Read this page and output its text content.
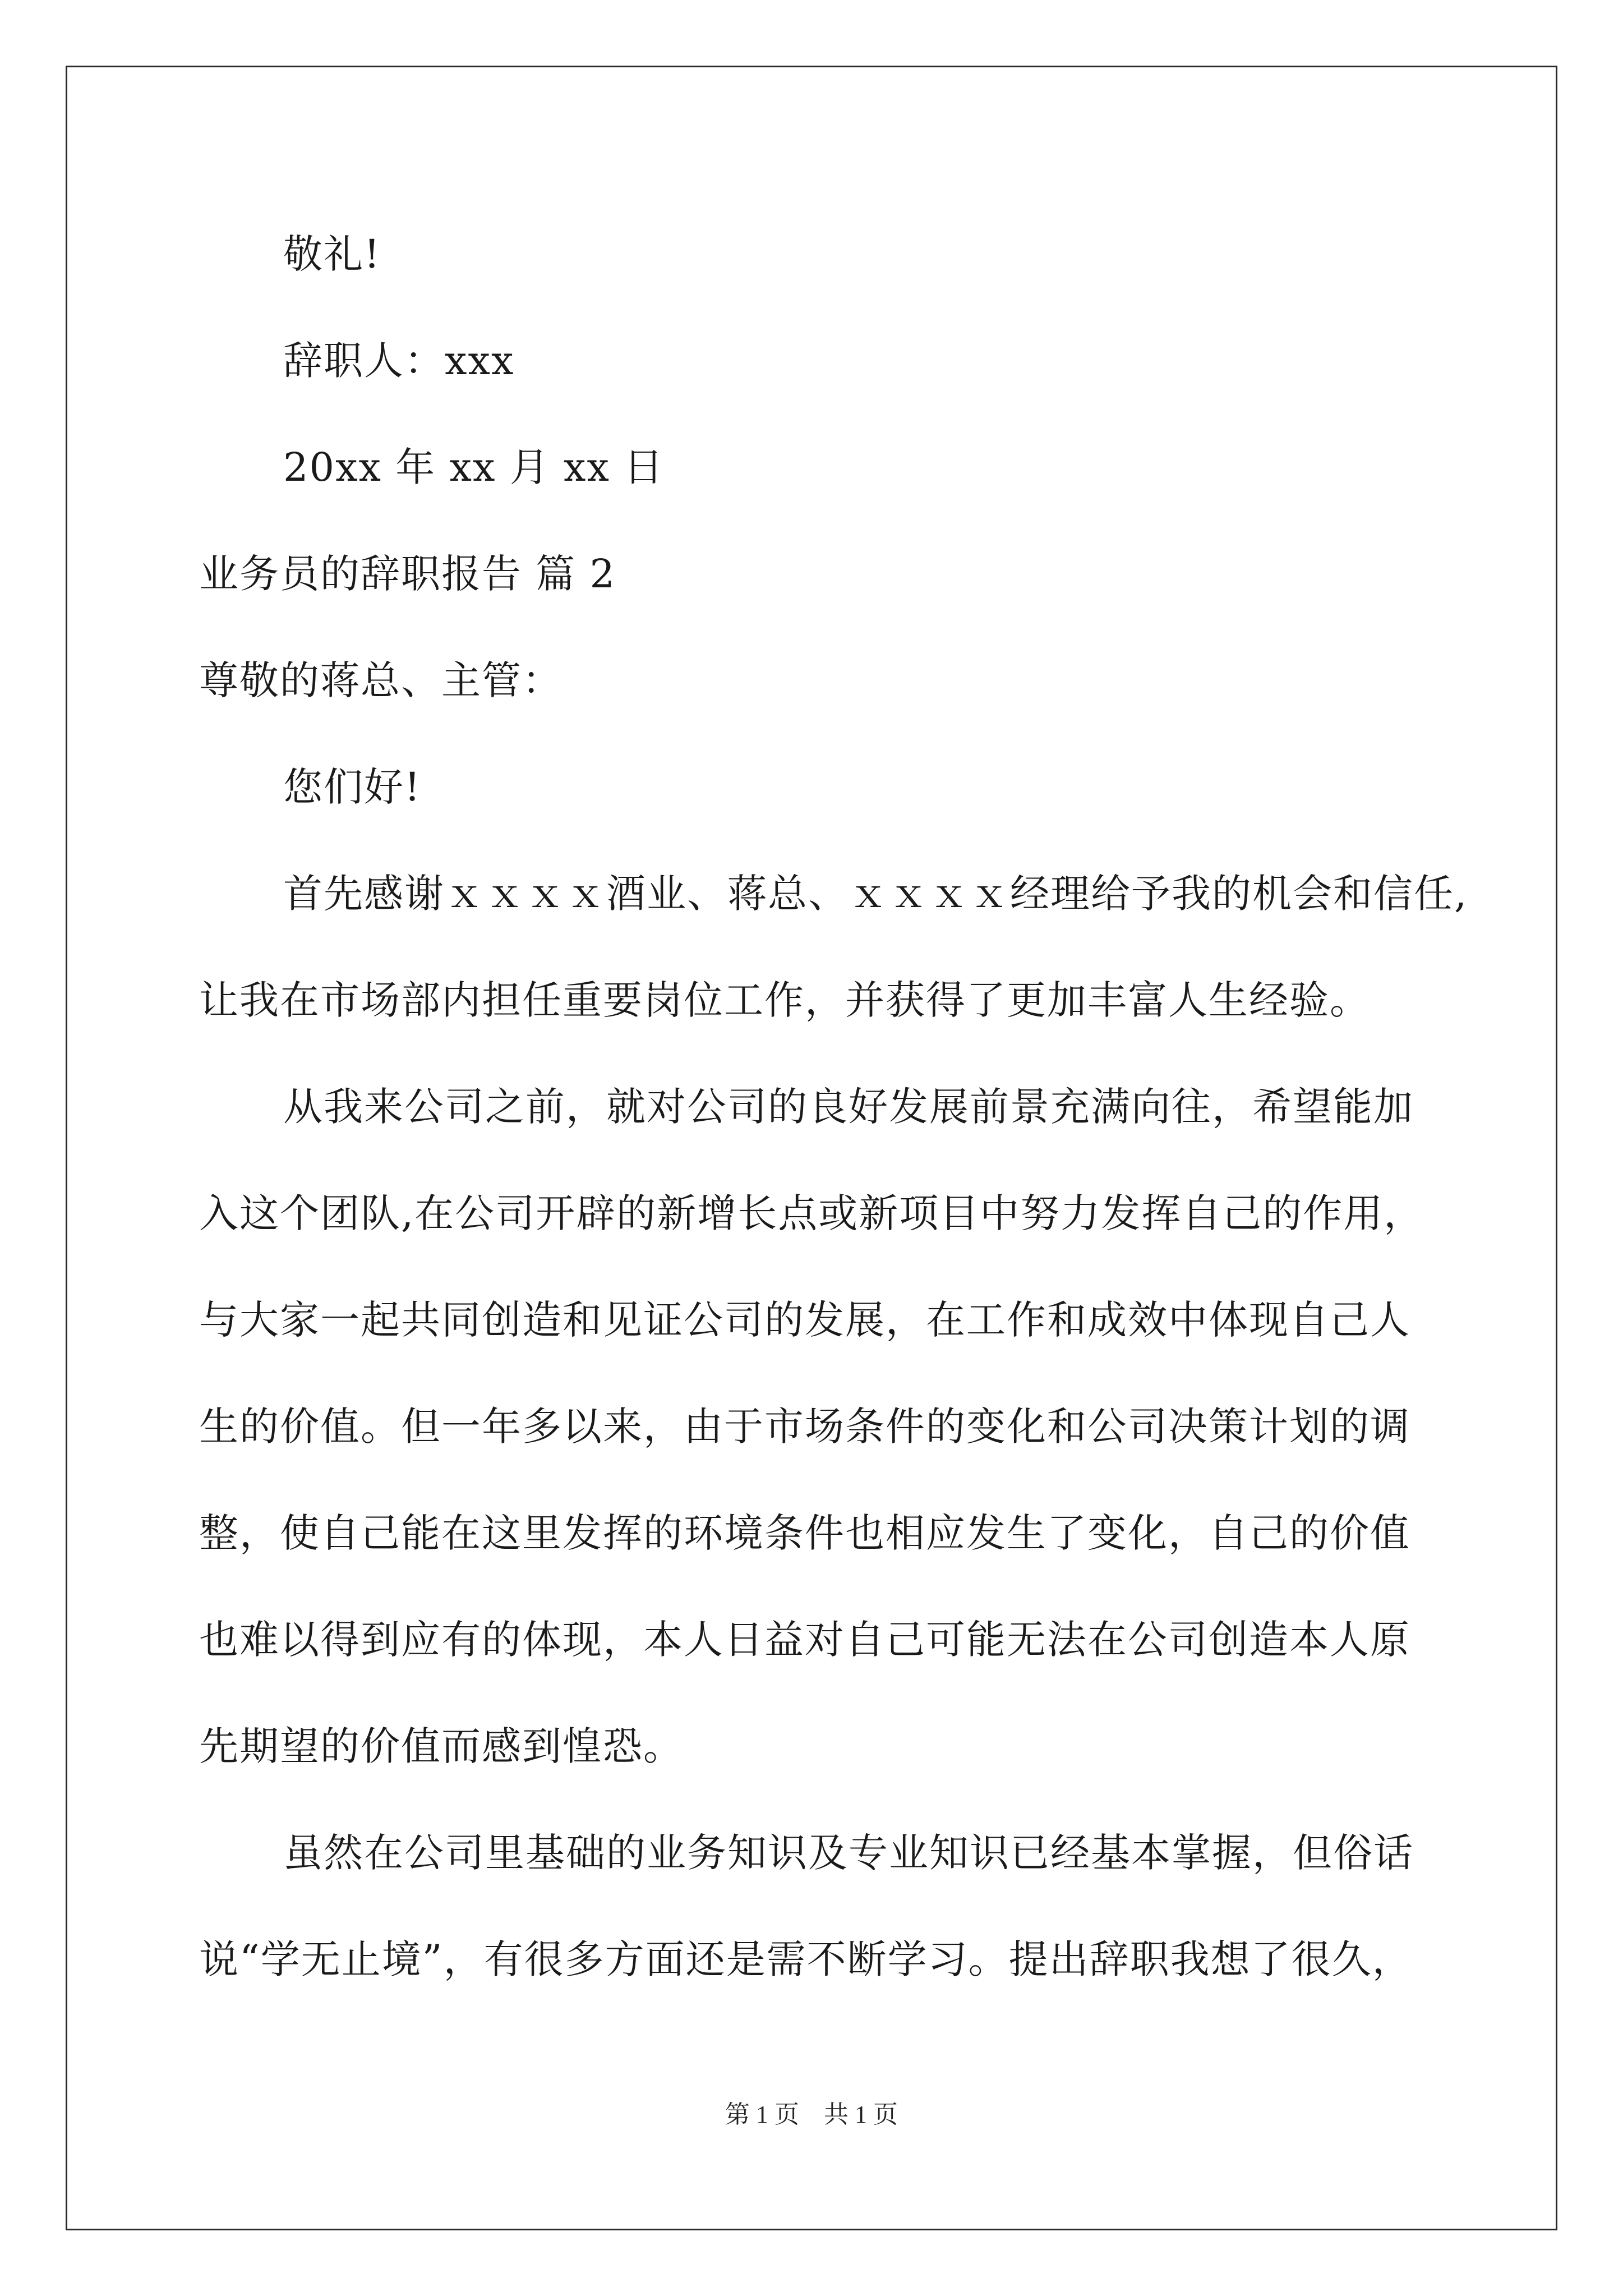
敬礼!
辞职人：xxx
20xx 年 xx 月 xx 日
业务员的辞职报告 篇 2
尊敬的蒋总、主管：
您们好!
首先感谢ｘｘｘｘ酒业、蒋总、ｘｘｘｘ经理给予我的机会和信任,
让我在市场部内担任重要岗位工作，并获得了更加丰富人生经验。
从我来公司之前，就对公司的良好发展前景充满向往，希望能加
入这个团队,在公司开辟的新增长点或新项目中努力发挥自己的作用，
与大家一起共同创造和见证公司的发展，在工作和成效中体现自己人
生的价值。但一年多以来，由于市场条件的变化和公司决策计划的调
整，使自己能在这里发挥的环境条件也相应发生了变化，自己的价值
也难以得到应有的体现，本人日益对自己可能无法在公司创造本人原
先期望的价值而感到惶恐。
虽然在公司里基础的业务知识及专业知识已经基本掌握，但俗话
说“学无止境”，有很多方面还是需不断学习。提出辞职我想了很久，
第 1 页　共 1 页
